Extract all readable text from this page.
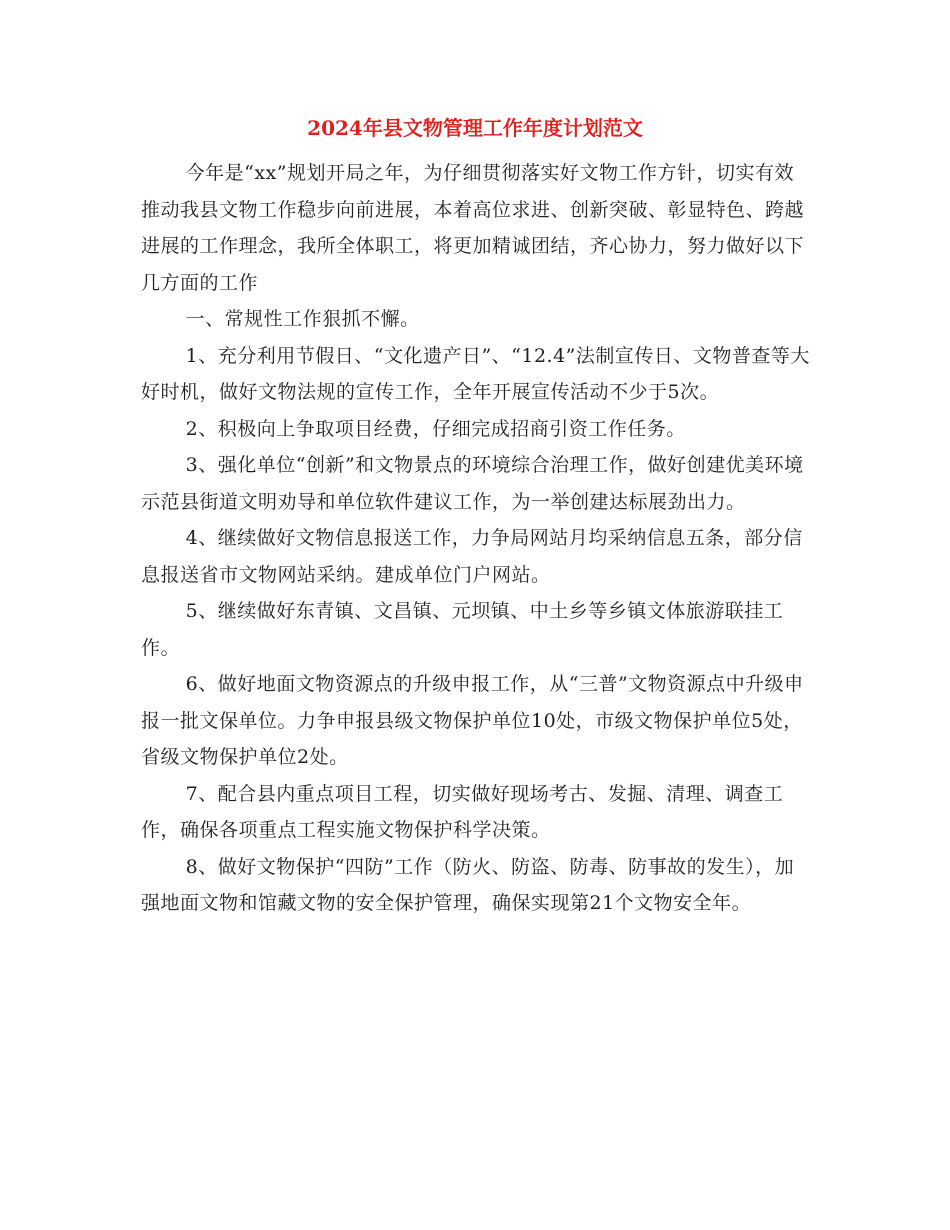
2024年县文物管理工作年度计划范文

今年是“xx”规划开局之年，为仔细贯彻落实好文物工作方针，切实有效推动我县文物工作稳步向前进展，本着高位求进、创新突破、彰显特色、跨越进展的工作理念，我所全体职工，将更加精诚团结，齐心协力，努力做好以下几方面的工作

一、常规性工作狠抓不懈。

1、充分利用节假日、“文化遗产日”、“12.4”法制宣传日、文物普查等大好时机，做好文物法规的宣传工作，全年开展宣传活动不少于5次。

2、积极向上争取项目经费，仔细完成招商引资工作任务。

3、强化单位“创新”和文物景点的环境综合治理工作，做好创建优美环境示范县街道文明劝导和单位软件建议工作，为一举创建达标展劲出力。

4、继续做好文物信息报送工作，力争局网站月均采纳信息五条，部分信息报送省市文物网站采纳。建成单位门户网站。

5、继续做好东青镇、文昌镇、元坝镇、中土乡等乡镇文体旅游联挂工作。

6、做好地面文物资源点的升级申报工作，从“三普”文物资源点中升级申报一批文保单位。力争申报县级文物保护单位10处，市级文物保护单位5处，省级文物保护单位2处。

7、配合县内重点项目工程，切实做好现场考古、发掘、清理、调查工作，确保各项重点工程实施文物保护科学决策。

8、做好文物保护“四防”工作（防火、防盗、防毒、防事故的发生），加强地面文物和馆藏文物的安全保护管理，确保实现第21个文物安全年。
